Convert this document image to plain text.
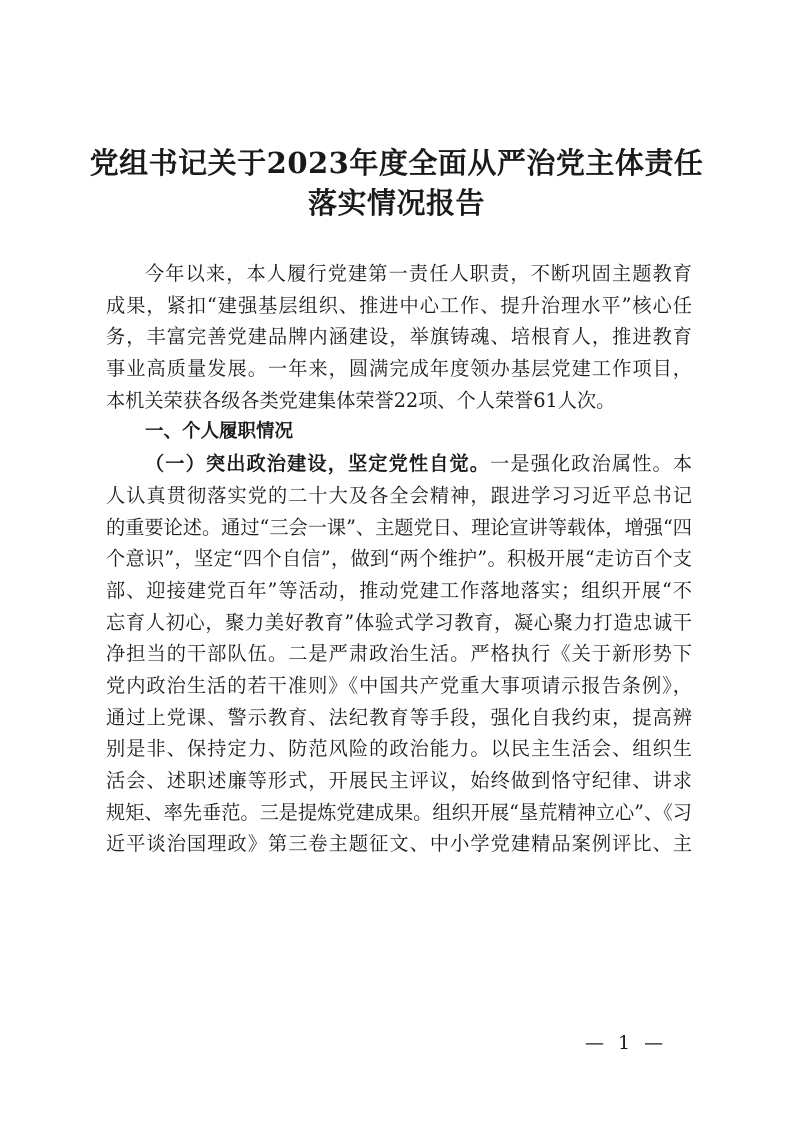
党组书记关于2023年度全面从严治党主体责任
落实情况报告
今年以来，本人履行党建第一责任人职责，不断巩固主题教育
成果，紧扣“建强基层组织、推进中心工作、提升治理水平”核心任
务，丰富完善党建品牌内涵建设，举旗铸魂、培根育人，推进教育
事业高质量发展。一年来，圆满完成年度领办基层党建工作项目，
本机关荣获各级各类党建集体荣誉22项、个人荣誉61人次。
一、个人履职情况
（一）突出政治建设，坚定党性自觉。一是强化政治属性。本
人认真贯彻落实党的二十大及各全会精神，跟进学习习近平总书记
的重要论述。通过“三会一课”、主题党日、理论宣讲等载体，增强“四
个意识”，坚定“四个自信”，做到“两个维护”。积极开展“走访百个支
部、迎接建党百年”等活动，推动党建工作落地落实；组织开展“不
忘育人初心，聚力美好教育”体验式学习教育，凝心聚力打造忠诚干
净担当的干部队伍。二是严肃政治生活。严格执行《关于新形势下
党内政治生活的若干准则》《中国共产党重大事项请示报告条例》，
通过上党课、警示教育、法纪教育等手段，强化自我约束，提高辨
别是非、保持定力、防范风险的政治能力。以民主生活会、组织生
活会、述职述廉等形式，开展民主评议，始终做到恪守纪律、讲求
规矩、率先垂范。三是提炼党建成果。组织开展“垦荒精神立心”、《习
近平谈治国理政》第三卷主题征文、中小学党建精品案例评比、主
— 1 —
